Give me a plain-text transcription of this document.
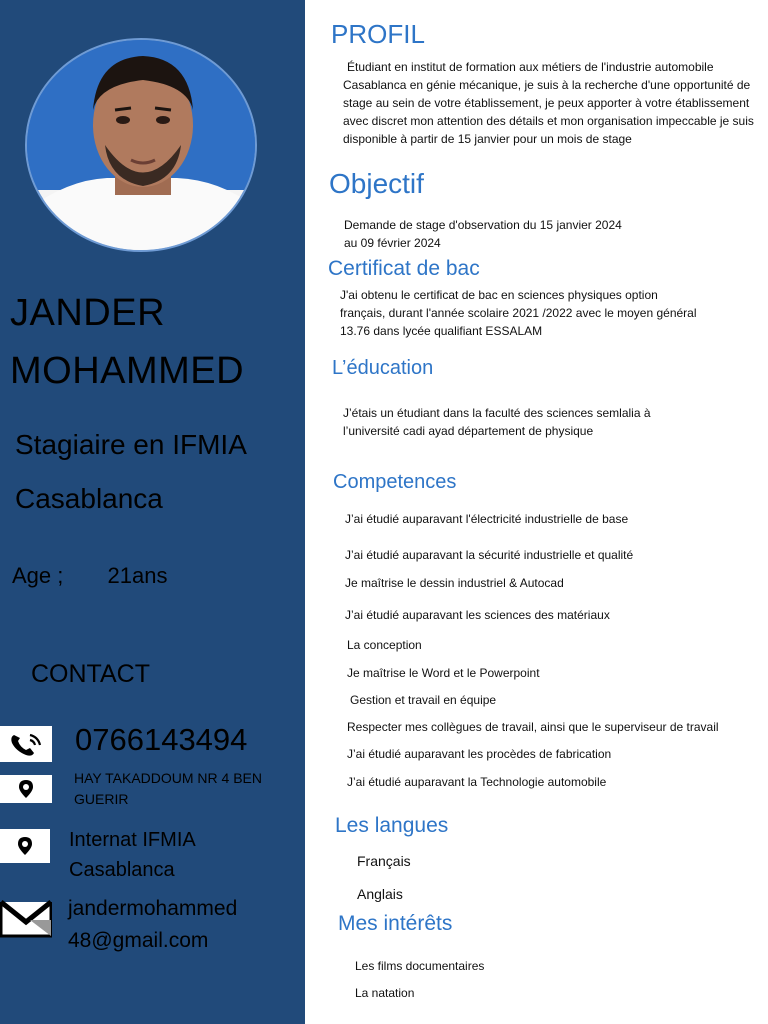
JANDER
MOHAMMED
Stagiaire en IFMIA
Casablanca
Age ; 21ans
CONTACT
0766143494
HAY TAKADDOUM NR 4 BEN GUERIR
Internat IFMIA Casablanca
jandermohammed
48@gmail.com
PROFIL

Étudiant en institut de formation aux métiers de l'industrie automobile Casablanca en génie mécanique, je suis à la recherche d'une opportunité de stage au sein de votre établissement, je peux apporter à votre établissement avec discret mon attention des détails et mon organisation impeccable je suis disponible à partir de 15 janvier pour un mois de stage

Objectif

Demande de stage d'observation du 15 janvier 2024 au 09 février 2024

Certificat de bac

J'ai obtenu le certificat de bac en sciences physiques option français, durant l'année scolaire 2021 /2022 avec le moyen général 13.76 dans lycée qualifiant ESSALAM

L’éducation

J’étais un étudiant dans la faculté des sciences semlalia à l’université cadi ayad département de physique

Competences
J’ai étudié auparavant l'électricité industrielle de base
J’ai étudié auparavant la sécurité industrielle et qualité
Je maîtrise le dessin industriel & Autocad
J’ai étudié auparavant les sciences des matériaux
La conception
Je maîtrise le Word et le Powerpoint
Gestion et travail en équipe
Respecter mes collègues de travail, ainsi que le superviseur de travail
J’ai étudié auparavant les procèdes de fabrication
J’ai étudié auparavant la Technologie automobile
Les langues
Français
Anglais
Mes intérêts
Les films documentaires
La natation
